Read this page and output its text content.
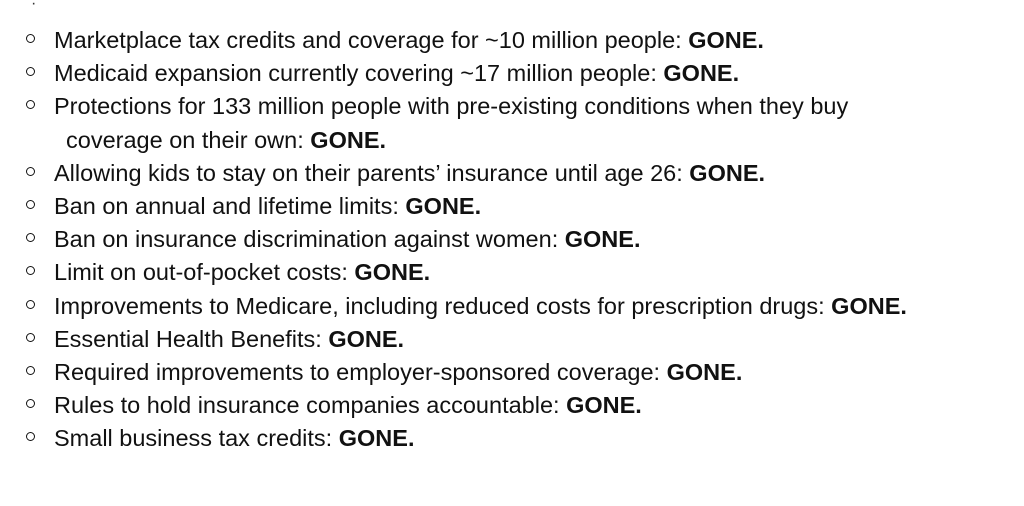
·
Marketplace tax credits and coverage for ~10 million people: GONE.
Medicaid expansion currently covering ~17 million people: GONE.
Protections for 133 million people with pre-existing conditions when they buy
coverage on their own: GONE.
Allowing kids to stay on their parents’ insurance until age 26: GONE.
Ban on annual and lifetime limits: GONE.
Ban on insurance discrimination against women: GONE.
Limit on out-of-pocket costs: GONE.
Improvements to Medicare, including reduced costs for prescription drugs: GONE.
Essential Health Benefits: GONE.
Required improvements to employer-sponsored coverage: GONE.
Rules to hold insurance companies accountable: GONE.
Small business tax credits: GONE.
